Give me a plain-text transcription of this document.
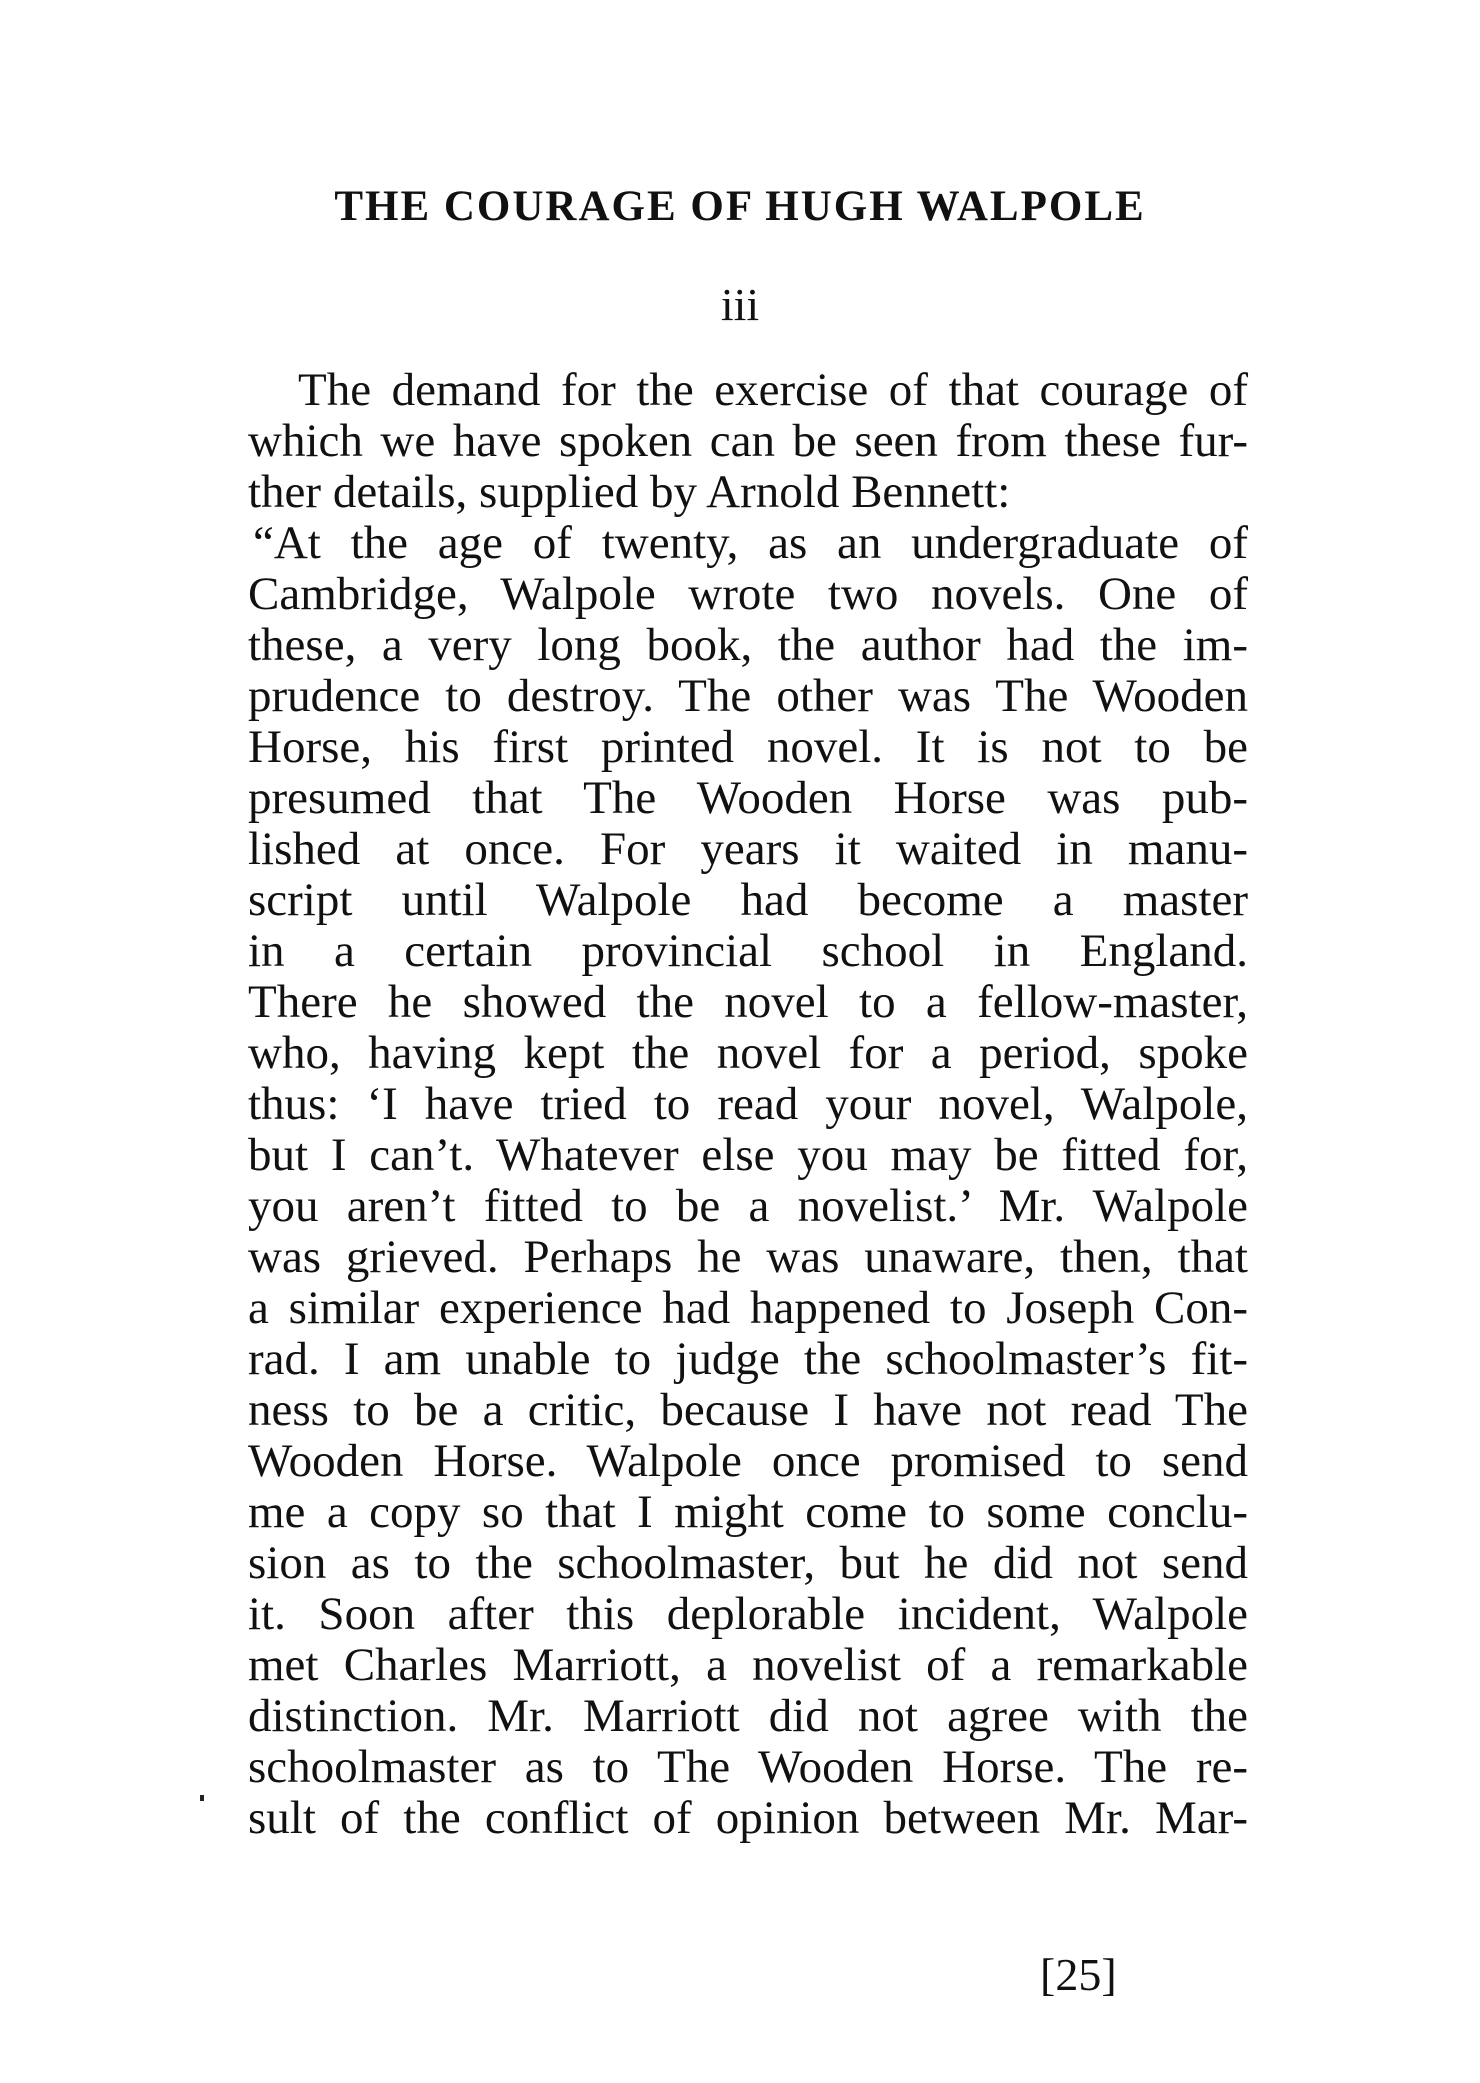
THE COURAGE OF HUGH WALPOLE
iii
The demand for the exercise of that courage of
which we have spoken can be seen from these fur-
ther details, supplied by Arnold Bennett:
“At the age of twenty, as an undergraduate of
Cambridge, Walpole wrote two novels. One of
these, a very long book, the author had the im-
prudence to destroy. The other was The Wooden
Horse, his first printed novel. It is not to be
presumed that The Wooden Horse was pub-
lished at once. For years it waited in manu-
script until Walpole had become a master
in a certain provincial school in England.
There he showed the novel to a fellow-master,
who, having kept the novel for a period, spoke
thus: ‘I have tried to read your novel, Walpole,
but I can’t. Whatever else you may be fitted for,
you aren’t fitted to be a novelist.’ Mr. Walpole
was grieved. Perhaps he was unaware, then, that
a similar experience had happened to Joseph Con-
rad. I am unable to judge the schoolmaster’s fit-
ness to be a critic, because I have not read The
Wooden Horse. Walpole once promised to send
me a copy so that I might come to some conclu-
sion as to the schoolmaster, but he did not send
it. Soon after this deplorable incident, Walpole
met Charles Marriott, a novelist of a remarkable
distinction. Mr. Marriott did not agree with the
schoolmaster as to The Wooden Horse. The re-
sult of the conflict of opinion between Mr. Mar-
[25]
